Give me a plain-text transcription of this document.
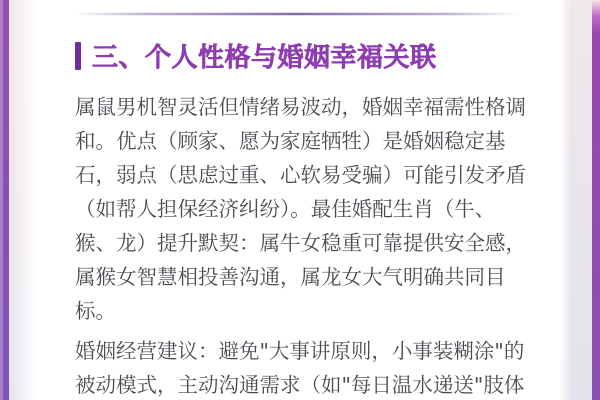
三、个人性格与婚姻幸福关联
属鼠男机智灵活但情绪易波动，婚姻幸福需性格调
和。优点（顾家、愿为家庭牺牲）是婚姻稳定基
石，弱点（思虑过重、心软易受骗）可能引发矛盾
（如帮人担保经济纠纷）。最佳婚配生肖（牛、
猴、龙）提升默契：属牛女稳重可靠提供安全感，
属猴女智慧相投善沟通，属龙女大气明确共同目
标。
婚姻经营建议：避免"大事讲原则，小事装糊涂"的
被动模式，主动沟通需求（如"每日温水递送"肢体
